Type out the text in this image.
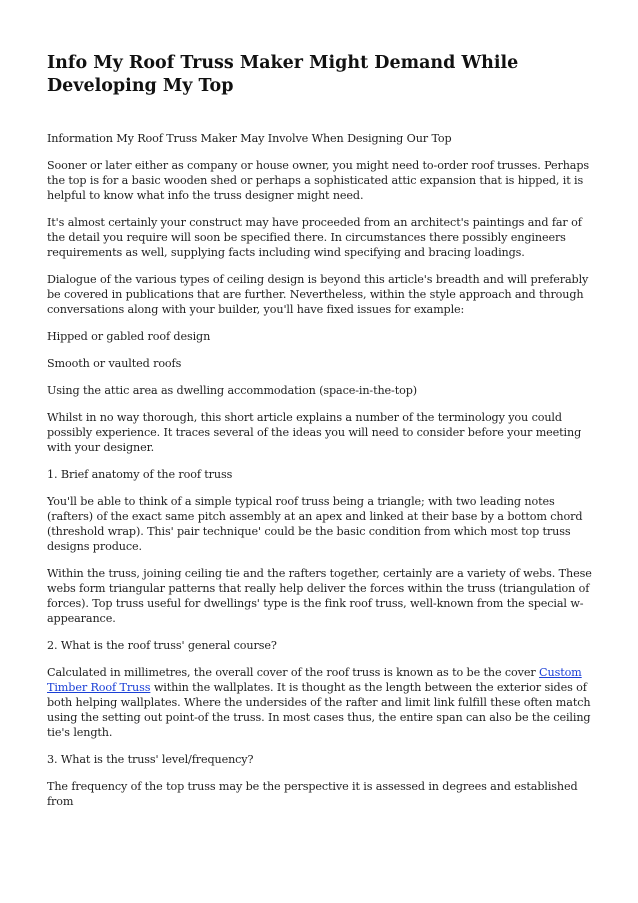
Info My Roof Truss Maker Might Demand While Developing My Top

Information My Roof Truss Maker May Involve When Designing Our Top

Sooner or later either as company or house owner, you might need to-order roof trusses. Perhaps the top is for a basic wooden shed or perhaps a sophisticated attic expansion that is hipped, it is helpful to know what info the truss designer might need.

It's almost certainly your construct may have proceeded from an architect's paintings and far of the detail you require will soon be specified there. In circumstances there possibly engineers requirements as well, supplying facts including wind specifying and bracing loadings.

Dialogue of the various types of ceiling design is beyond this article's breadth and will preferably be covered in publications that are further. Nevertheless, within the style approach and through conversations along with your builder, you'll have fixed issues for example:

Hipped or gabled roof design

Smooth or vaulted roofs

Using the attic area as dwelling accommodation (space-in-the-top)

Whilst in no way thorough, this short article explains a number of the terminology you could possibly experience. It traces several of the ideas you will need to consider before your meeting with your designer.

1. Brief anatomy of the roof truss

You'll be able to think of a simple typical roof truss being a triangle; with two leading notes (rafters) of the exact same pitch assembly at an apex and linked at their base by a bottom chord (threshold wrap). This' pair technique' could be the basic condition from which most top truss designs produce.

Within the truss, joining ceiling tie and the rafters together, certainly are a variety of webs. These webs form triangular patterns that really help deliver the forces within the truss (triangulation of forces). Top truss useful for dwellings' type is the fink roof truss, well-known from the special w-appearance.

2. What is the roof truss' general course?

Calculated in millimetres, the overall cover of the roof truss is known as to be the cover Custom Timber Roof Truss within the wallplates. It is thought as the length between the exterior sides of both helping wallplates. Where the undersides of the rafter and limit link fulfill these often match using the setting out point-of the truss. In most cases thus, the entire span can also be the ceiling tie's length.

3. What is the truss' level/frequency?

The frequency of the top truss may be the perspective it is assessed in degrees and established from
